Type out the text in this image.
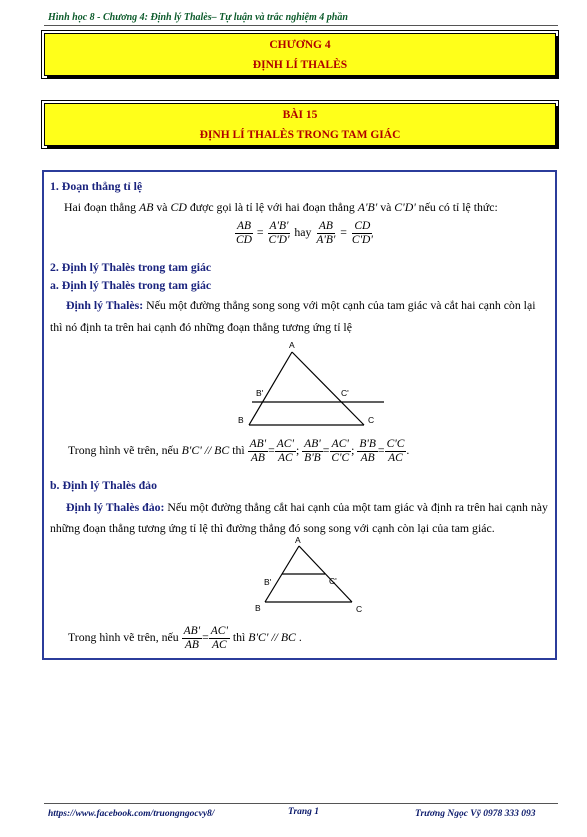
Hình học 8 - Chương 4: Định lý Thalès– Tự luận và trắc nghiệm 4 phần
CHƯƠNG 4
ĐỊNH LÍ THALÈS
BÀI 15
ĐỊNH LÍ THALÈS TRONG TAM GIÁC
1. Đoạn thẳng tỉ lệ
Hai đoạn thẳng AB và CD được gọi là tỉ lệ với hai đoạn thẳng A'B' và C'D' nếu có tỉ lệ thức:
$\frac{AB}{CD} = \frac{A'B'}{C'D'}$ hay $\frac{AB}{A'B'} = \frac{CD}{C'D'}$
2. Định lý Thalès trong tam giác
a. Định lý Thalès trong tam giác
Định lý Thalès: Nếu một đường thẳng song song với một cạnh của tam giác và cắt hai cạnh còn lại
thì nó định ta trên hai cạnh đó những đoạn thẳng tương ứng tỉ lệ
A
B	C
B'	C'
Trong hình vẽ trên, nếu B'C' // BC thì $\frac{AB'}{AB} = \frac{AC'}{AC}$ ; $\frac{AB'}{B'B} = \frac{AC'}{C'C}$ ; $\frac{B'B}{AB} = \frac{C'C}{AC}$ .
b. Định lý Thalès đảo
Định lý Thalès đảo: Nếu một đường thẳng cắt hai cạnh của một tam giác và định ra trên hai cạnh này
những đoạn thẳng tương ứng tỉ lệ thì đường thẳng đó song song với cạnh còn lại của tam giác.
A
B	C
B'	C'
Trong hình vẽ trên, nếu $\frac{AB'}{AB} = \frac{AC'}{AC}$ thì B'C' // BC .
https://www.facebook.com/truongngocvy8/	Trang 1	Trương Ngọc Vỹ 0978 333 093
